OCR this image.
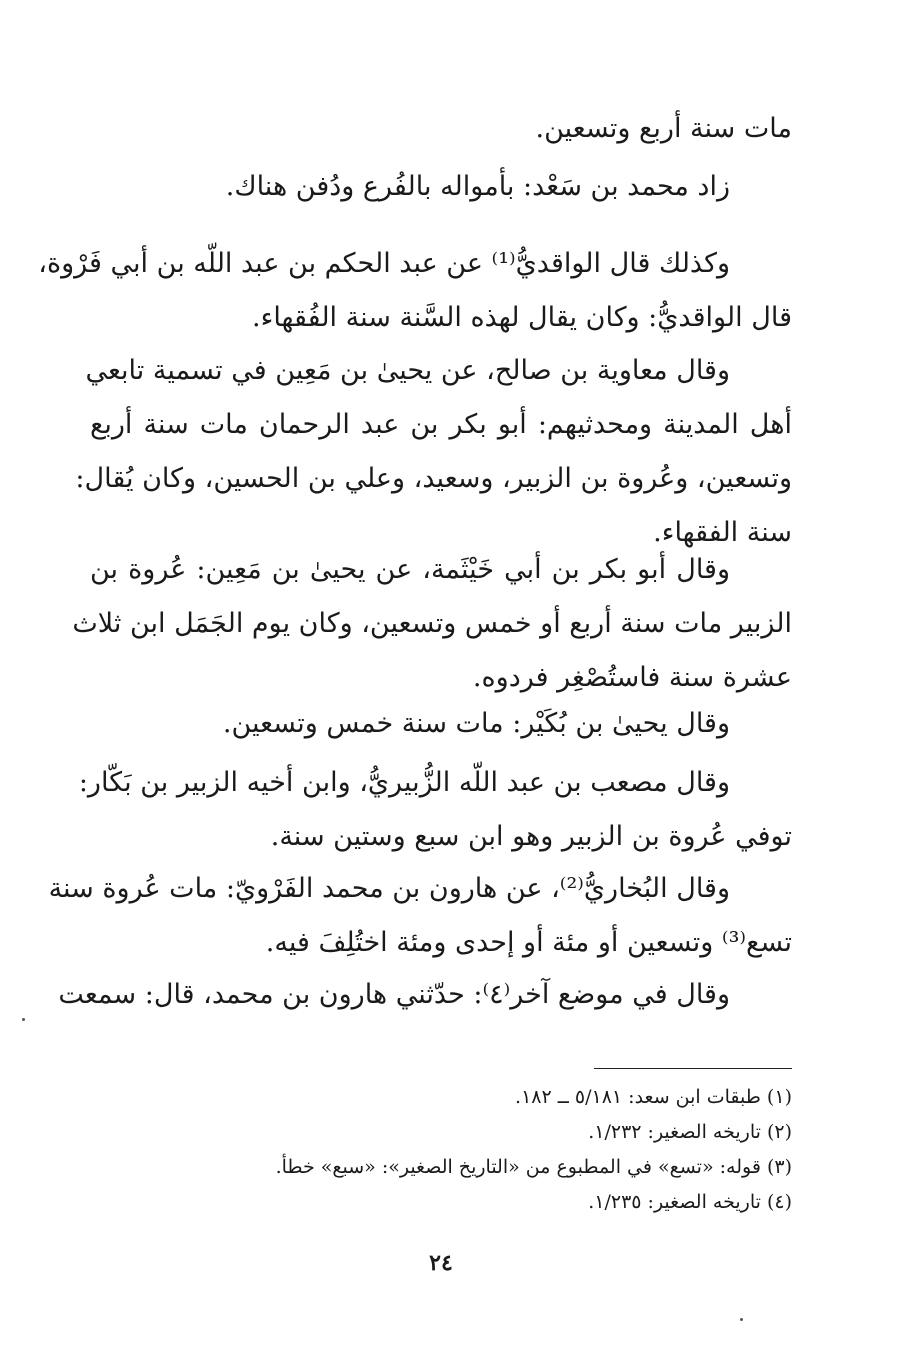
مات سنة أربع وتسعين.
زاد محمد بن سَعْد: بأمواله بالفُرع ودُفن هناك.
وكذلك قال الواقديُّ⁽¹⁾ عن عبد الحكم بن عبد اللّه بن أبي فَرْوة،
قال الواقديُّ: وكان يقال لهذه السَّنة سنة الفُقهاء.
وقال معاوية بن صالح، عن يحيىٰ بن مَعِين في تسمية تابعي
أهل المدينة ومحدثيهم: أبو بكر بن عبد الرحمان مات سنة أربع
وتسعين، وعُروة بن الزبير، وسعيد، وعلي بن الحسين، وكان يُقال:
سنة الفقهاء.
وقال أبو بكر بن أبي خَيْثَمة، عن يحيىٰ بن مَعِين: عُروة بن
الزبير مات سنة أربع أو خمس وتسعين، وكان يوم الجَمَل ابن ثلاث
عشرة سنة فاستُصْغِر فردوه.
وقال يحيىٰ بن بُكَيْر: مات سنة خمس وتسعين.
وقال مصعب بن عبد اللّه الزُّبيريُّ، وابن أخيه الزبير بن بَكّار:
توفي عُروة بن الزبير وهو ابن سبع وستين سنة.
وقال البُخاريُّ⁽²⁾، عن هارون بن محمد الفَرْويّ: مات عُروة سنة
تسع⁽³⁾ وتسعين أو مئة أو إحدى ومئة اختُلِفَ فيه.
وقال في موضع آخر⁽٤⁾: حدّثني هارون بن محمد، قال: سمعت
(١) طبقات ابن سعد: ٥/١٨١ ــ ١٨٢.
(٢) تاريخه الصغير: ١/٢٣٢.
(٣) قوله: «تسع» في المطبوع من «التاريخ الصغير»: «سبع» خطأ.
(٤) تاريخه الصغير: ١/٢٣٥.
٢٤
